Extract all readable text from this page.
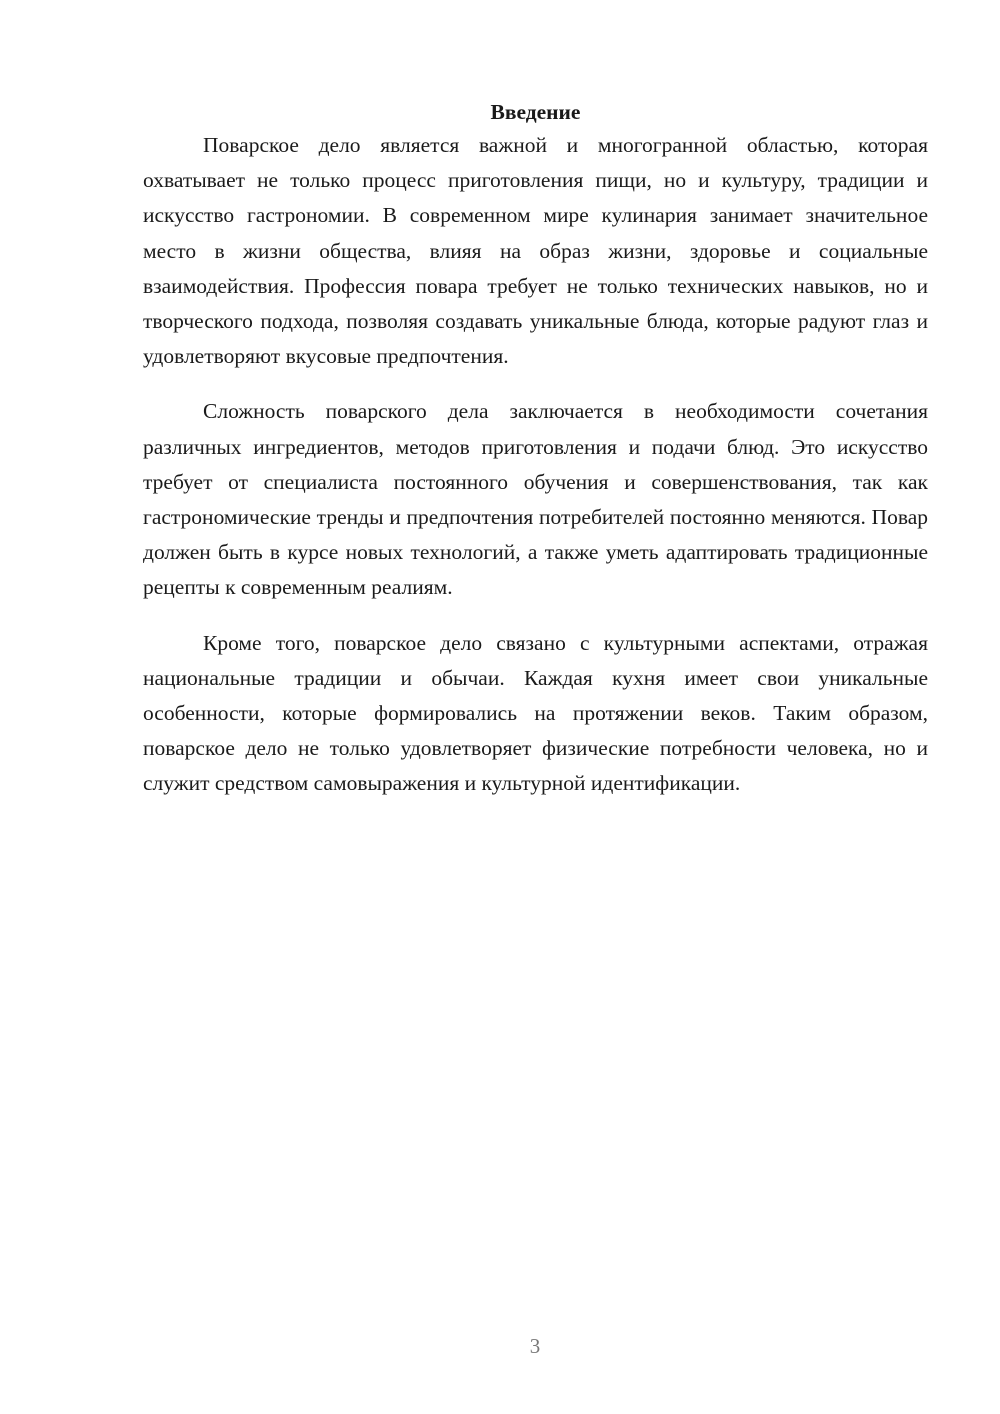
Введение

Поварское дело является важной и многогранной областью, которая охватывает не только процесс приготовления пищи, но и культуру, традиции и искусство гастрономии. В современном мире кулинария занимает значительное место в жизни общества, влияя на образ жизни, здоровье и социальные взаимодействия. Профессия повара требует не только технических навыков, но и творческого подхода, позволяя создавать уникальные блюда, которые радуют глаз и удовлетворяют вкусовые предпочтения.

Сложность поварского дела заключается в необходимости сочетания различных ингредиентов, методов приготовления и подачи блюд. Это искусство требует от специалиста постоянного обучения и совершенствования, так как гастрономические тренды и предпочтения потребителей постоянно меняются. Повар должен быть в курсе новых технологий, а также уметь адаптировать традиционные рецепты к современным реалиям.

Кроме того, поварское дело связано с культурными аспектами, отражая национальные традиции и обычаи. Каждая кухня имеет свои уникальные особенности, которые формировались на протяжении веков. Таким образом, поварское дело не только удовлетворяет физические потребности человека, но и служит средством самовыражения и культурной идентификации.

3
